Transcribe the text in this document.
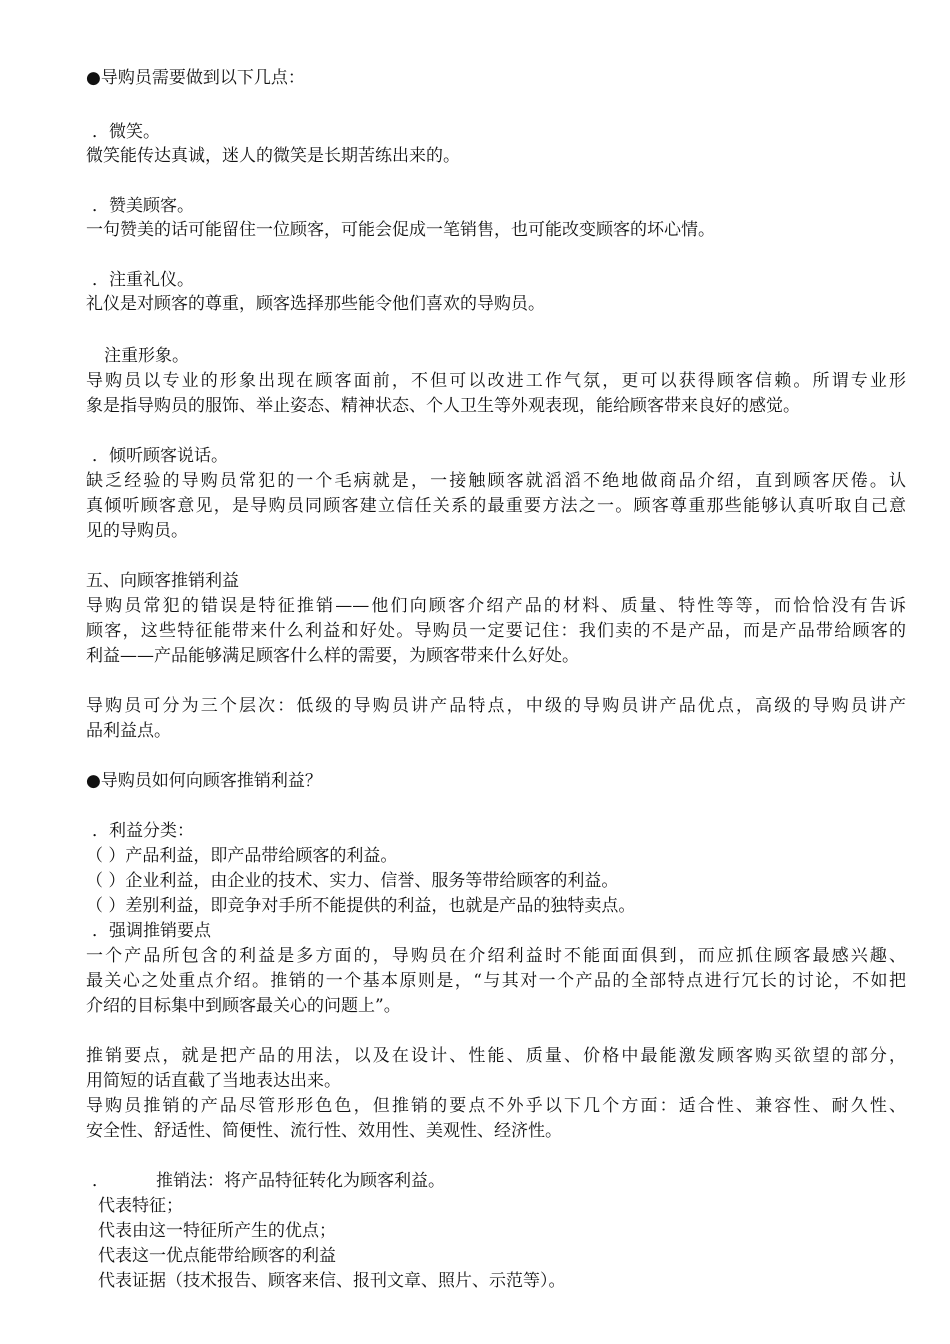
●导购员需要做到以下几点：
．微笑。
微笑能传达真诚，迷人的微笑是长期苦练出来的。
．赞美顾客。
一句赞美的话可能留住一位顾客，可能会促成一笔销售，也可能改变顾客的坏心情。
．注重礼仪。
礼仪是对顾客的尊重，顾客选择那些能令他们喜欢的导购员。
注重形象。
导购员以专业的形象出现在顾客面前，不但可以改进工作气氛，更可以获得顾客信赖。所谓专业形
象是指导购员的服饰、举止姿态、精神状态、个人卫生等外观表现，能给顾客带来良好的感觉。
．倾听顾客说话。
缺乏经验的导购员常犯的一个毛病就是，一接触顾客就滔滔不绝地做商品介绍，直到顾客厌倦。认
真倾听顾客意见，是导购员同顾客建立信任关系的最重要方法之一。顾客尊重那些能够认真听取自己意
见的导购员。
五、向顾客推销利益
导购员常犯的错误是特征推销——他们向顾客介绍产品的材料、质量、特性等等，而恰恰没有告诉
顾客，这些特征能带来什么利益和好处。导购员一定要记住：我们卖的不是产品，而是产品带给顾客的
利益——产品能够满足顾客什么样的需要，为顾客带来什么好处。
导购员可分为三个层次：低级的导购员讲产品特点，中级的导购员讲产品优点，高级的导购员讲产
品利益点。
●导购员如何向顾客推销利益？
．利益分类：
（ ）产品利益，即产品带给顾客的利益。
（ ）企业利益，由企业的技术、实力、信誉、服务等带给顾客的利益。
（ ）差别利益，即竞争对手所不能提供的利益，也就是产品的独特卖点。
．强调推销要点
一个产品所包含的利益是多方面的，导购员在介绍利益时不能面面俱到，而应抓住顾客最感兴趣、
最关心之处重点介绍。推销的一个基本原则是，“与其对一个产品的全部特点进行冗长的讨论，不如把
介绍的目标集中到顾客最关心的问题上”。
推销要点，就是把产品的用法，以及在设计、性能、质量、价格中最能激发顾客购买欲望的部分，
用简短的话直截了当地表达出来。
导购员推销的产品尽管形形色色，但推销的要点不外乎以下几个方面：适合性、兼容性、耐久性、
安全性、舒适性、简便性、流行性、效用性、美观性、经济性。
．	推销法：将产品特征转化为顾客利益。
代表特征；
代表由这一特征所产生的优点；
代表这一优点能带给顾客的利益
代表证据（技术报告、顾客来信、报刊文章、照片、示范等）。
